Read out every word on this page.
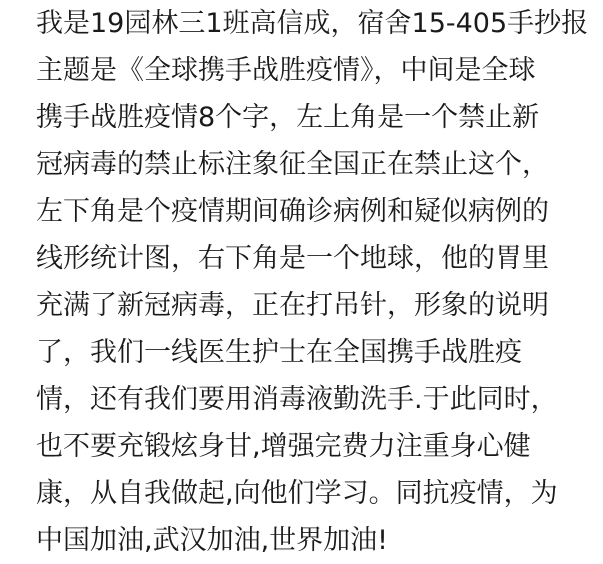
我是19园林三1班高信成，宿舍15-405手抄报
主题是《全球携手战胜疫情》，中间是全球
携手战胜疫情8个字，左上角是一个禁止新
冠病毒的禁止标注象征全国正在禁止这个，
左下角是个疫情期间确诊病例和疑似病例的
线形统计图，右下角是一个地球，他的胃里
充满了新冠病毒，正在打吊针，形象的说明
了，我们一线医生护士在全国携手战胜疫
情，还有我们要用消毒液勤洗手.于此同时，
也不要充锻炫身甘,增强完费力注重身心健
康，从自我做起,向他们学习。同抗疫情，为
中国加油,武汉加油,世界加油!
